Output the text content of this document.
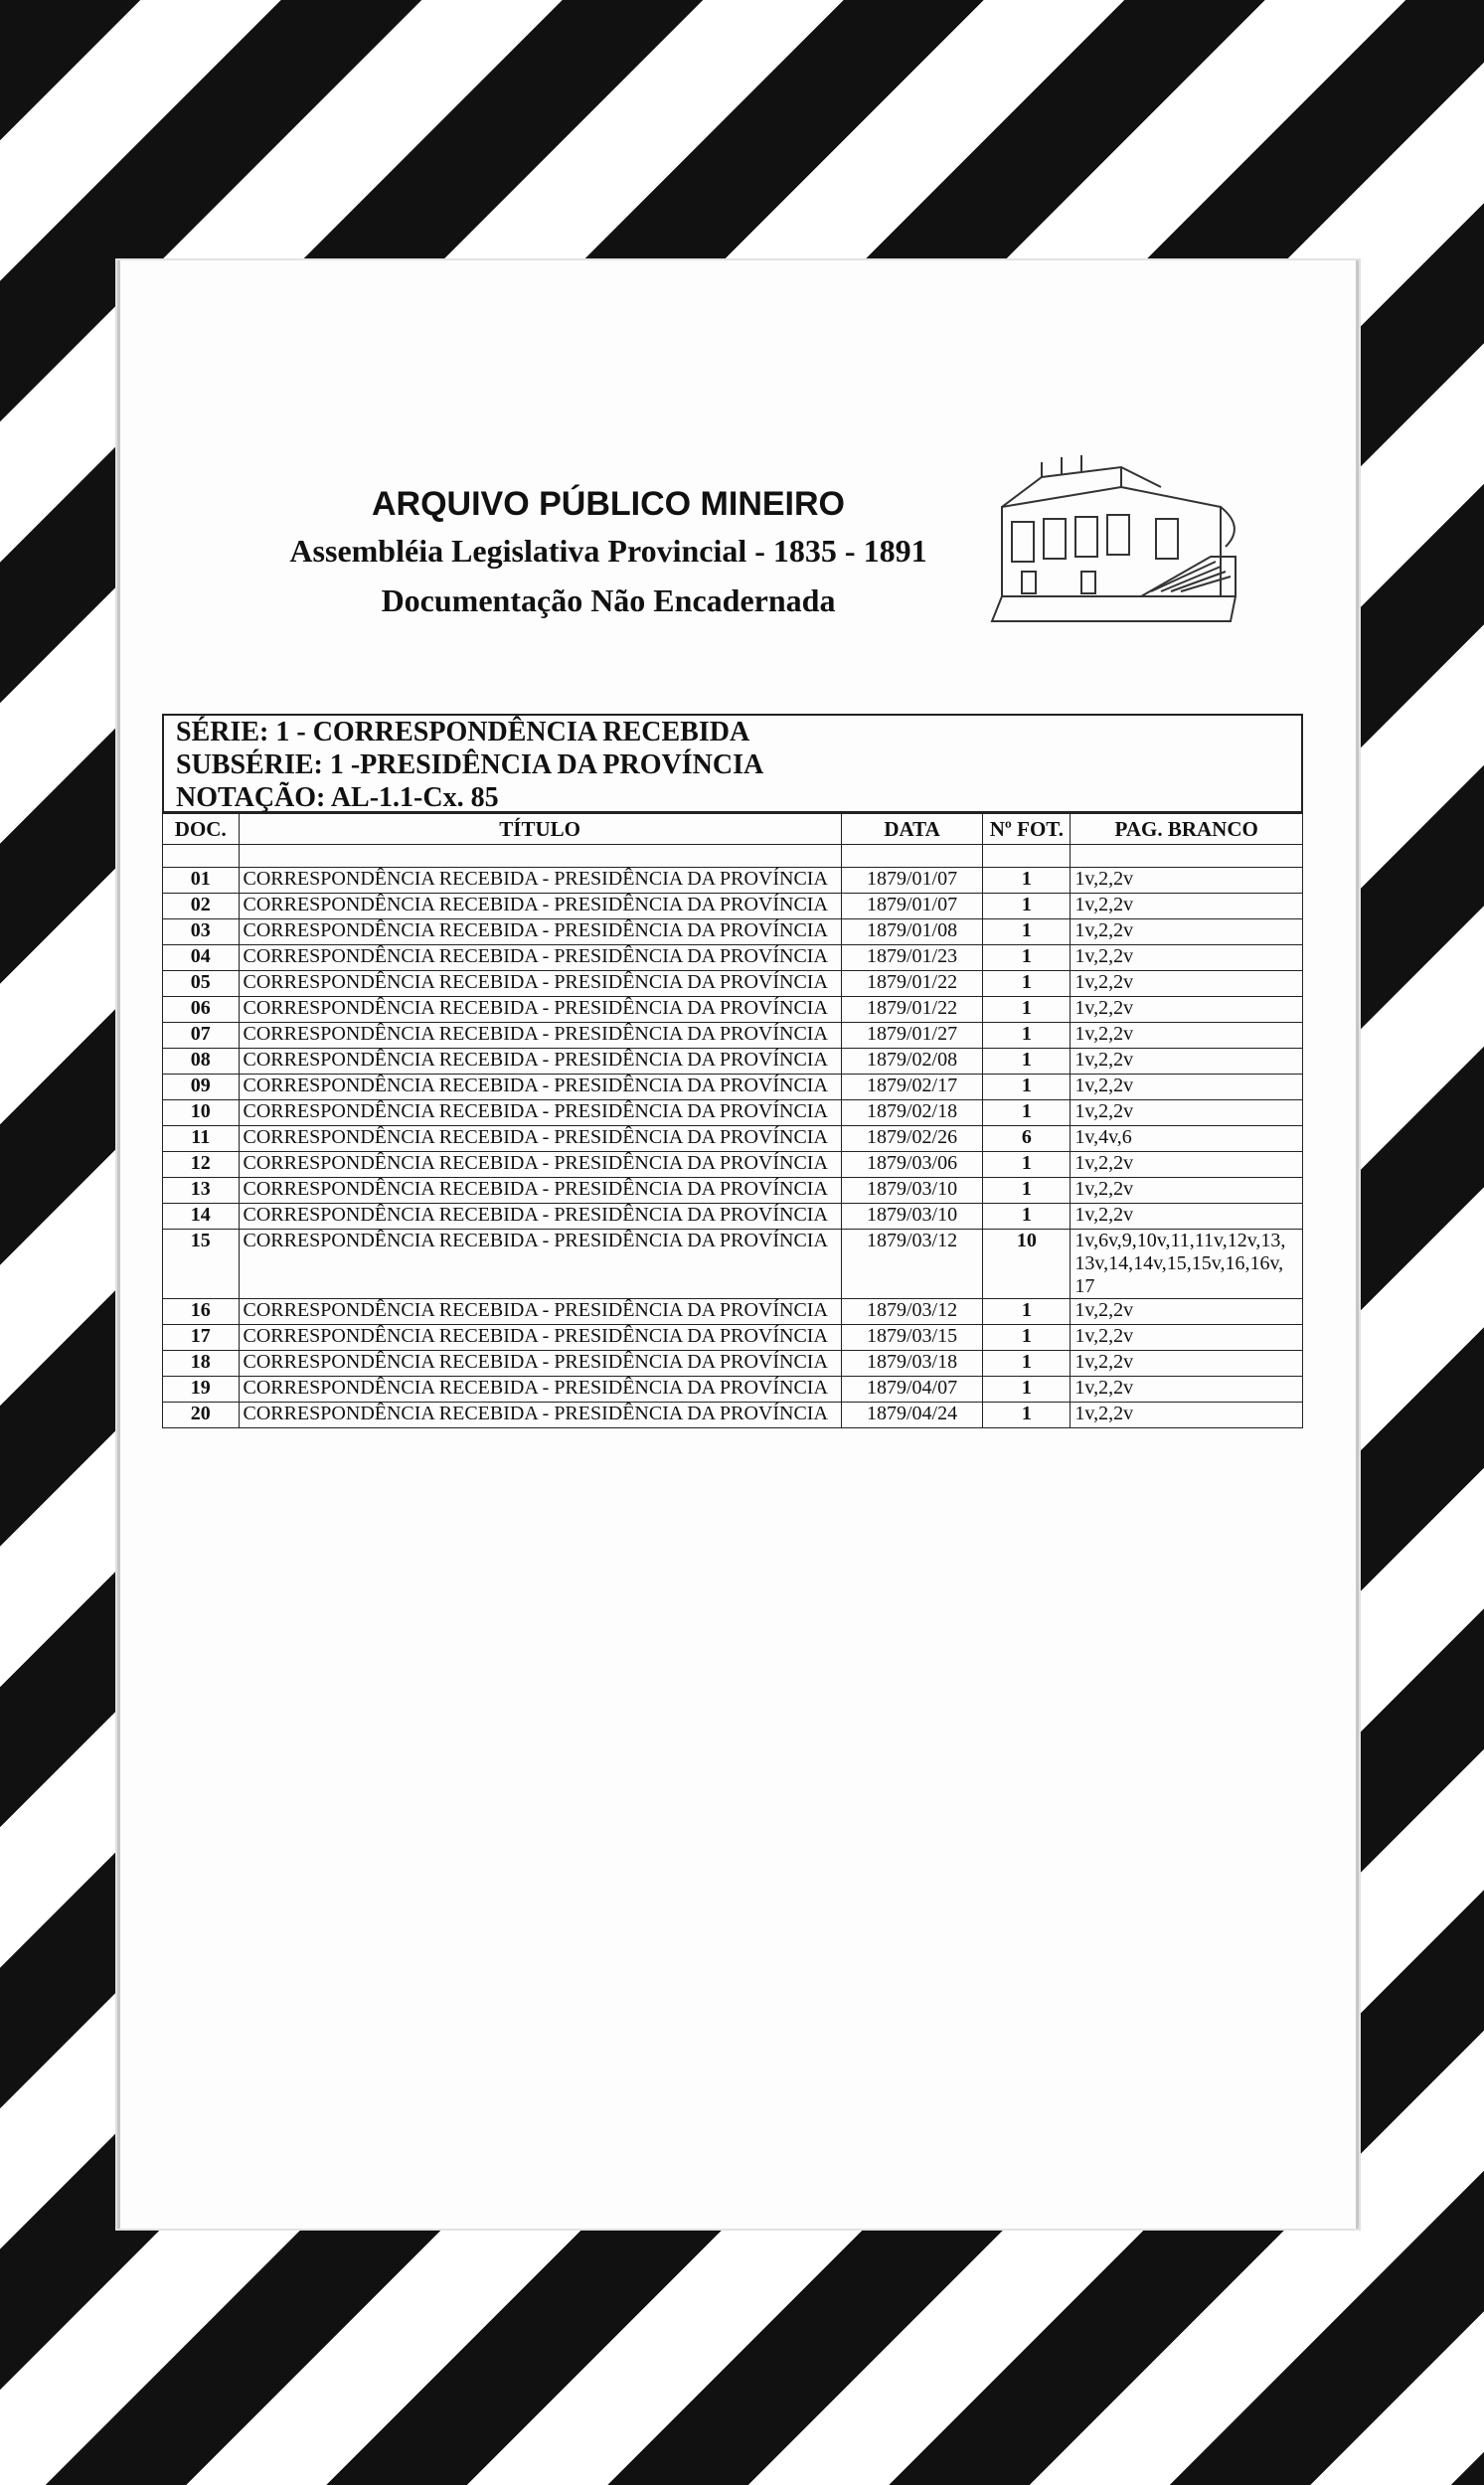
ARQUIVO PÚBLICO MINEIRO
Assembléia Legislativa Provincial - 1835 - 1891
Documentação Não Encadernada
SÉRIE: 1 - CORRESPONDÊNCIA RECEBIDA
SUBSÉRIE: 1 -PRESIDÊNCIA DA PROVÍNCIA
NOTAÇÃO: AL-1.1-Cx. 85
DOC.	TÍTULO	DATA	Nº FOT.	PAG. BRANCO

01	CORRESPONDÊNCIA RECEBIDA - PRESIDÊNCIA DA PROVÍNCIA	1879/01/07	1	1v,2,2v
02	CORRESPONDÊNCIA RECEBIDA - PRESIDÊNCIA DA PROVÍNCIA	1879/01/07	1	1v,2,2v
03	CORRESPONDÊNCIA RECEBIDA - PRESIDÊNCIA DA PROVÍNCIA	1879/01/08	1	1v,2,2v
04	CORRESPONDÊNCIA RECEBIDA - PRESIDÊNCIA DA PROVÍNCIA	1879/01/23	1	1v,2,2v
05	CORRESPONDÊNCIA RECEBIDA - PRESIDÊNCIA DA PROVÍNCIA	1879/01/22	1	1v,2,2v
06	CORRESPONDÊNCIA RECEBIDA - PRESIDÊNCIA DA PROVÍNCIA	1879/01/22	1	1v,2,2v
07	CORRESPONDÊNCIA RECEBIDA - PRESIDÊNCIA DA PROVÍNCIA	1879/01/27	1	1v,2,2v
08	CORRESPONDÊNCIA RECEBIDA - PRESIDÊNCIA DA PROVÍNCIA	1879/02/08	1	1v,2,2v
09	CORRESPONDÊNCIA RECEBIDA - PRESIDÊNCIA DA PROVÍNCIA	1879/02/17	1	1v,2,2v
10	CORRESPONDÊNCIA RECEBIDA - PRESIDÊNCIA DA PROVÍNCIA	1879/02/18	1	1v,2,2v
11	CORRESPONDÊNCIA RECEBIDA - PRESIDÊNCIA DA PROVÍNCIA	1879/02/26	6	1v,4v,6
12	CORRESPONDÊNCIA RECEBIDA - PRESIDÊNCIA DA PROVÍNCIA	1879/03/06	1	1v,2,2v
13	CORRESPONDÊNCIA RECEBIDA - PRESIDÊNCIA DA PROVÍNCIA	1879/03/10	1	1v,2,2v
14	CORRESPONDÊNCIA RECEBIDA - PRESIDÊNCIA DA PROVÍNCIA	1879/03/10	1	1v,2,2v
15	CORRESPONDÊNCIA RECEBIDA - PRESIDÊNCIA DA PROVÍNCIA	1879/03/12	10	1v,6v,9,10v,11,11v,12v,13, 13v,14,14v,15,15v,16,16v, 17
16	CORRESPONDÊNCIA RECEBIDA - PRESIDÊNCIA DA PROVÍNCIA	1879/03/12	1	1v,2,2v
17	CORRESPONDÊNCIA RECEBIDA - PRESIDÊNCIA DA PROVÍNCIA	1879/03/15	1	1v,2,2v
18	CORRESPONDÊNCIA RECEBIDA - PRESIDÊNCIA DA PROVÍNCIA	1879/03/18	1	1v,2,2v
19	CORRESPONDÊNCIA RECEBIDA - PRESIDÊNCIA DA PROVÍNCIA	1879/04/07	1	1v,2,2v
20	CORRESPONDÊNCIA RECEBIDA - PRESIDÊNCIA DA PROVÍNCIA	1879/04/24	1	1v,2,2v
